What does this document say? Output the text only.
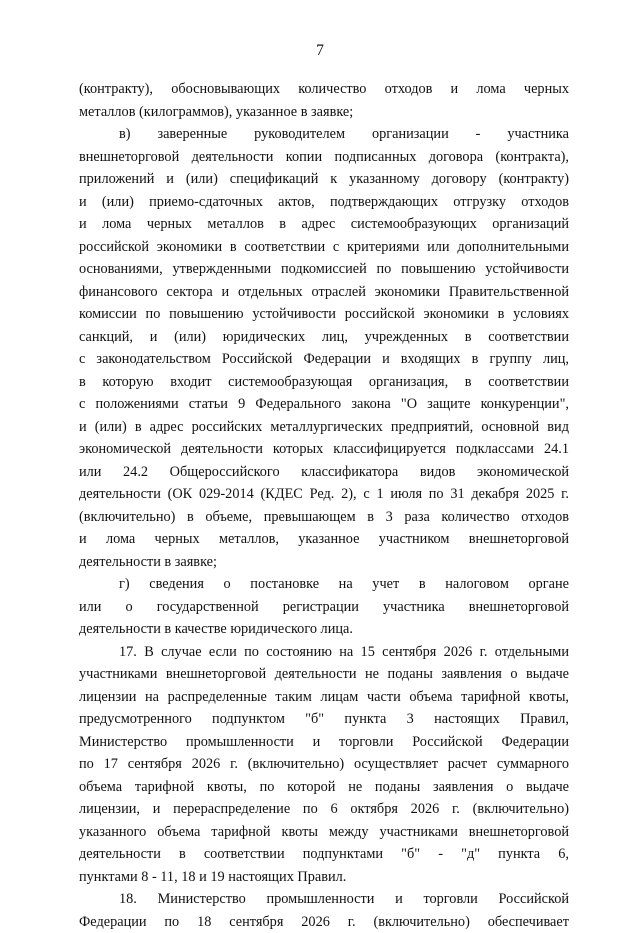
7
(контракту), обосновывающих количество отходов и лома черных
металлов (килограммов), указанное в заявке;
в) заверенные руководителем организации - участника
внешнеторговой деятельности копии подписанных договора (контракта),
приложений и (или) спецификаций к указанному договору (контракту)
и (или) приемо-сдаточных актов, подтверждающих отгрузку отходов
и лома черных металлов в адрес системообразующих организаций
российской экономики в соответствии с критериями или дополнительными
основаниями, утвержденными подкомиссией по повышению устойчивости
финансового сектора и отдельных отраслей экономики Правительственной
комиссии по повышению устойчивости российской экономики в условиях
санкций, и (или) юридических лиц, учрежденных в соответствии
с законодательством Российской Федерации и входящих в группу лиц,
в которую входит системообразующая организация, в соответствии
с положениями статьи 9 Федерального закона "О защите конкуренции",
и (или) в адрес российских металлургических предприятий, основной вид
экономической деятельности которых классифицируется подклассами 24.1
или 24.2 Общероссийского классификатора видов экономической
деятельности (ОК 029-2014 (КДЕС Ред. 2), с 1 июля по 31 декабря 2025 г.
(включительно) в объеме, превышающем в 3 раза количество отходов
и лома черных металлов, указанное участником внешнеторговой
деятельности в заявке;
г) сведения о постановке на учет в налоговом органе
или о государственной регистрации участника внешнеторговой
деятельности в качестве юридического лица.
17. В случае если по состоянию на 15 сентября 2026 г. отдельными
участниками внешнеторговой деятельности не поданы заявления о выдаче
лицензии на распределенные таким лицам части объема тарифной квоты,
предусмотренного подпунктом "б" пункта 3 настоящих Правил,
Министерство промышленности и торговли Российской Федерации
по 17 сентября 2026 г. (включительно) осуществляет расчет суммарного
объема тарифной квоты, по которой не поданы заявления о выдаче
лицензии, и перераспределение по 6 октября 2026 г. (включительно)
указанного объема тарифной квоты между участниками внешнеторговой
деятельности в соответствии подпунктами "б" - "д" пункта 6,
пунктами 8 - 11, 18 и 19 настоящих Правил.
18. Министерство промышленности и торговли Российской
Федерации по 18 сентября 2026 г. (включительно) обеспечивает
